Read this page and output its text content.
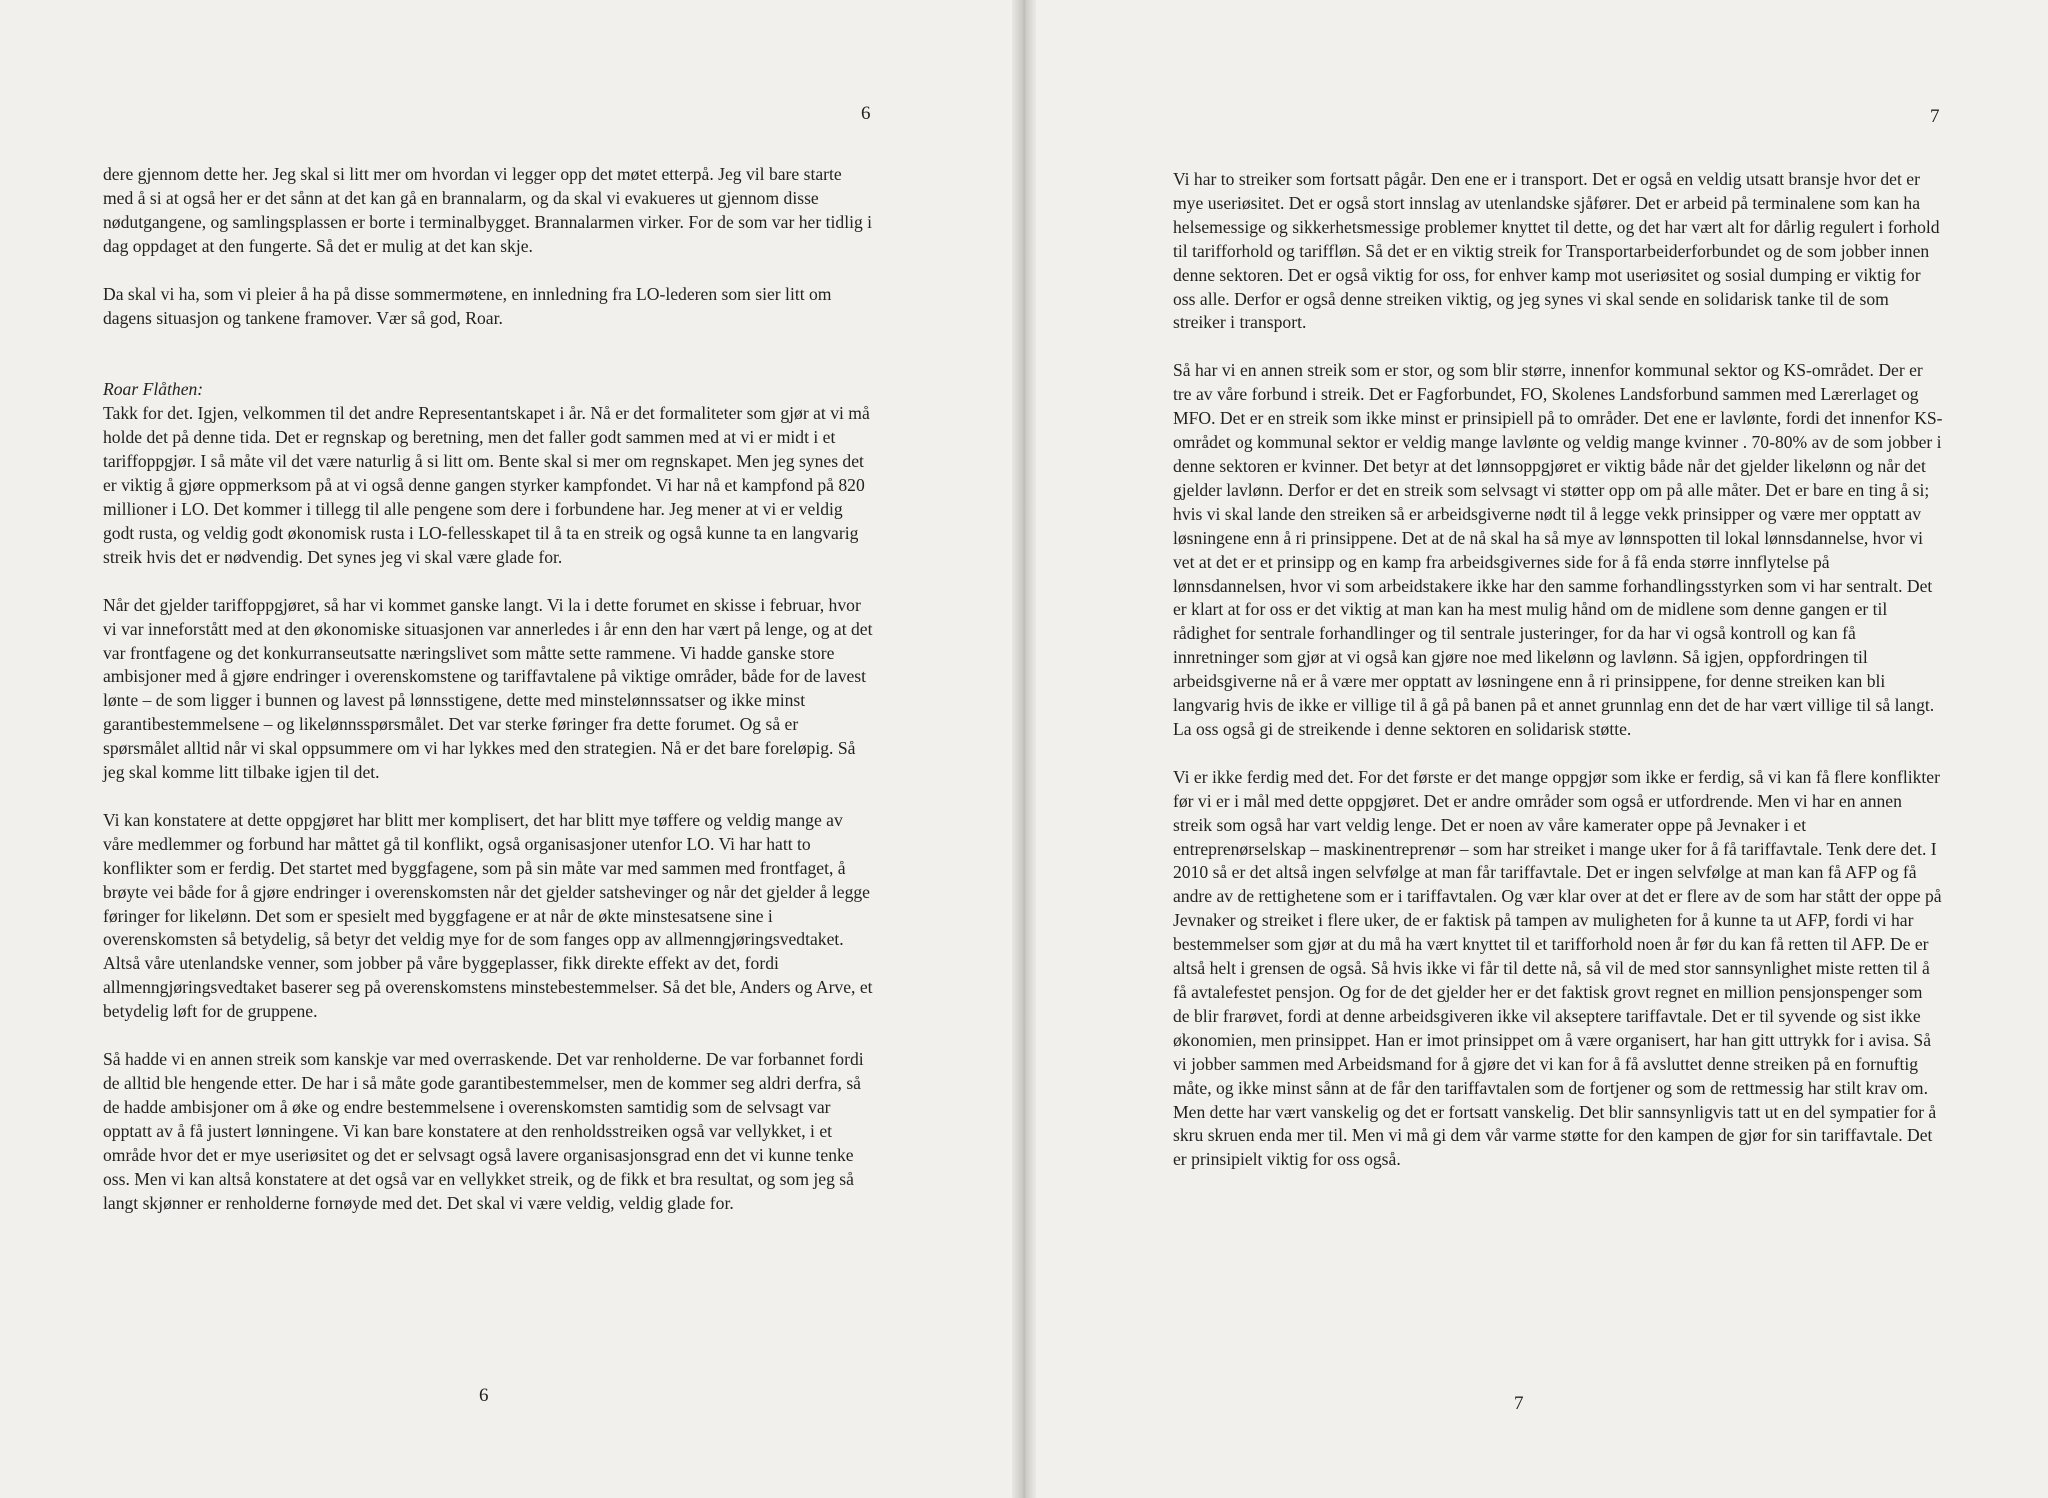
6

dere gjennom dette her. Jeg skal si litt mer om hvordan vi legger opp det møtet etterpå. Jeg vil bare starte med å si at også her er det sånn at det kan gå en brannalarm, og da skal vi evakueres ut gjennom disse nødutgangene, og samlingsplassen er borte i terminalbygget. Brannalarmen virker. For de som var her tidlig i dag oppdaget at den fungerte. Så det er mulig at det kan skje.

Da skal vi ha, som vi pleier å ha på disse sommermøtene, en innledning fra LO-lederen som sier litt om dagens situasjon og tankene framover. Vær så god, Roar.

Roar Flåthen:
Takk for det. Igjen, velkommen til det andre Representantskapet i år. Nå er det formaliteter som gjør at vi må holde det på denne tida. Det er regnskap og beretning, men det faller godt sammen med at vi er midt i et tariffoppgjør. I så måte vil det være naturlig å si litt om. Bente skal si mer om regnskapet. Men jeg synes det er viktig å gjøre oppmerksom på at vi også denne gangen styrker kampfondet. Vi har nå et kampfond på 820 millioner i LO. Det kommer i tillegg til alle pengene som dere i forbundene har. Jeg mener at vi er veldig godt rusta, og veldig godt økonomisk rusta i LO-fellesskapet til å ta en streik og også kunne ta en langvarig streik hvis det er nødvendig. Det synes jeg vi skal være glade for.

Når det gjelder tariffoppgjøret, så har vi kommet ganske langt. Vi la i dette forumet en skisse i februar, hvor vi var inneforstått med at den økonomiske situasjonen var annerledes i år enn den har vært på lenge, og at det var frontfagene og det konkurranseutsatte næringslivet som måtte sette rammene. Vi hadde ganske store ambisjoner med å gjøre endringer i overenskomstene og tariffavtalene på viktige områder, både for de lavest lønte – de som ligger i bunnen og lavest på lønnsstigene, dette med minstelønnssatser og ikke minst garantibestemmelsene – og likelønnsspørsmålet. Det var sterke føringer fra dette forumet. Og så er spørsmålet alltid når vi skal oppsummere om vi har lykkes med den strategien. Nå er det bare foreløpig. Så jeg skal komme litt tilbake igjen til det.

Vi kan konstatere at dette oppgjøret har blitt mer komplisert, det har blitt mye tøffere og veldig mange av våre medlemmer og forbund har måttet gå til konflikt, også organisasjoner utenfor LO. Vi har hatt to konflikter som er ferdig. Det startet med byggfagene, som på sin måte var med sammen med frontfaget, å brøyte vei både for å gjøre endringer i overenskomsten når det gjelder satshevinger og når det gjelder å legge føringer for likelønn. Det som er spesielt med byggfagene er at når de økte minstesatsene sine i overenskomsten så betydelig, så betyr det veldig mye for de som fanges opp av allmenngjøringsvedtaket. Altså våre utenlandske venner, som jobber på våre byggeplasser, fikk direkte effekt av det, fordi allmenngjøringsvedtaket baserer seg på overenskomstens minstebestemmelser. Så det ble, Anders og Arve, et betydelig løft for de gruppene.

Så hadde vi en annen streik som kanskje var med overraskende. Det var renholderne. De var forbannet fordi de alltid ble hengende etter. De har i så måte gode garantibestemmelser, men de kommer seg aldri derfra, så de hadde ambisjoner om å øke og endre bestemmelsene i overenskomsten samtidig som de selvsagt var opptatt av å få justert lønningene. Vi kan bare konstatere at den renholdsstreiken også var vellykket, i et område hvor det er mye useriøsitet og det er selvsagt også lavere organisasjonsgrad enn det vi kunne tenke oss. Men vi kan altså konstatere at det også var en vellykket streik, og de fikk et bra resultat, og som jeg så langt skjønner er renholderne fornøyde med det. Det skal vi være veldig, veldig glade for.

6
7

Vi har to streiker som fortsatt pågår. Den ene er i transport. Det er også en veldig utsatt bransje hvor det er mye useriøsitet. Det er også stort innslag av utenlandske sjåfører. Det er arbeid på terminalene som kan ha helsemessige og sikkerhetsmessige problemer knyttet til dette, og det har vært alt for dårlig regulert i forhold til tarifforhold og tariffløn. Så det er en viktig streik for Transportarbeiderforbundet og de som jobber innen denne sektoren. Det er også viktig for oss, for enhver kamp mot useriøsitet og sosial dumping er viktig for oss alle. Derfor er også denne streiken viktig, og jeg synes vi skal sende en solidarisk tanke til de som streiker i transport.

Så har vi en annen streik som er stor, og som blir større, innenfor kommunal sektor og KS-området. Der er tre av våre forbund i streik. Det er Fagforbundet, FO, Skolenes Landsforbund sammen med Lærerlaget og MFO. Det er en streik som ikke minst er prinsipiell på to områder. Det ene er lavlønte, fordi det innenfor KS-området og kommunal sektor er veldig mange lavlønte og veldig mange kvinner . 70-80% av de som jobber i denne sektoren er kvinner. Det betyr at det lønnsoppgjøret er viktig både når det gjelder likelønn og når det gjelder lavlønn. Derfor er det en streik som selvsagt vi støtter opp om på alle måter. Det er bare en ting å si; hvis vi skal lande den streiken så er arbeidsgiverne nødt til å legge vekk prinsipper og være mer opptatt av løsningene enn å ri prinsippene. Det at de nå skal ha så mye av lønnspotten til lokal lønnsdannelse, hvor vi vet at det er et prinsipp og en kamp fra arbeidsgivernes side for å få enda større innflytelse på lønnsdannelsen, hvor vi som arbeidstakere ikke har den samme forhandlingsstyrken som vi har sentralt. Det er klart at for oss er det viktig at man kan ha mest mulig hånd om de midlene som denne gangen er til rådighet for sentrale forhandlinger og til sentrale justeringer, for da har vi også kontroll og kan få innretninger som gjør at vi også kan gjøre noe med likelønn og lavlønn. Så igjen, oppfordringen til arbeidsgiverne nå er å være mer opptatt av løsningene enn å ri prinsippene, for denne streiken kan bli langvarig hvis de ikke er villige til å gå på banen på et annet grunnlag enn det de har vært villige til så langt. La oss også gi de streikende i denne sektoren en solidarisk støtte.

Vi er ikke ferdig med det. For det første er det mange oppgjør som ikke er ferdig, så vi kan få flere konflikter før vi er i mål med dette oppgjøret. Det er andre områder som også er utfordrende. Men vi har en annen streik som også har vart veldig lenge. Det er noen av våre kamerater oppe på Jevnaker i et entreprenørselskap – maskinentreprenør – som har streiket i mange uker for å få tariffavtale. Tenk dere det. I 2010 så er det altså ingen selvfølge at man får tariffavtale. Det er ingen selvfølge at man kan få AFP og få andre av de rettighetene som er i tariffavtalen. Og vær klar over at det er flere av de som har stått der oppe på Jevnaker og streiket i flere uker, de er faktisk på tampen av muligheten for å kunne ta ut AFP, fordi vi har bestemmelser som gjør at du må ha vært knyttet til et tarifforhold noen år før du kan få retten til AFP. De er altså helt i grensen de også. Så hvis ikke vi får til dette nå, så vil de med stor sannsynlighet miste retten til å få avtalefestet pensjon. Og for de det gjelder her er det faktisk grovt regnet en million pensjonspenger som de blir frarøvet, fordi at denne arbeidsgiveren ikke vil akseptere tariffavtale. Det er til syvende og sist ikke økonomien, men prinsippet. Han er imot prinsippet om å være organisert, har han gitt uttrykk for i avisa. Så vi jobber sammen med Arbeidsmand for å gjøre det vi kan for å få avsluttet denne streiken på en fornuftig måte, og ikke minst sånn at de får den tariffavtalen som de fortjener og som de rettmessig har stilt krav om. Men dette har vært vanskelig og det er fortsatt vanskelig. Det blir sannsynligvis tatt ut en del sympatier for å skru skruen enda mer til. Men vi må gi dem vår varme støtte for den kampen de gjør for sin tariffavtale. Det er prinsipielt viktig for oss også.

7
